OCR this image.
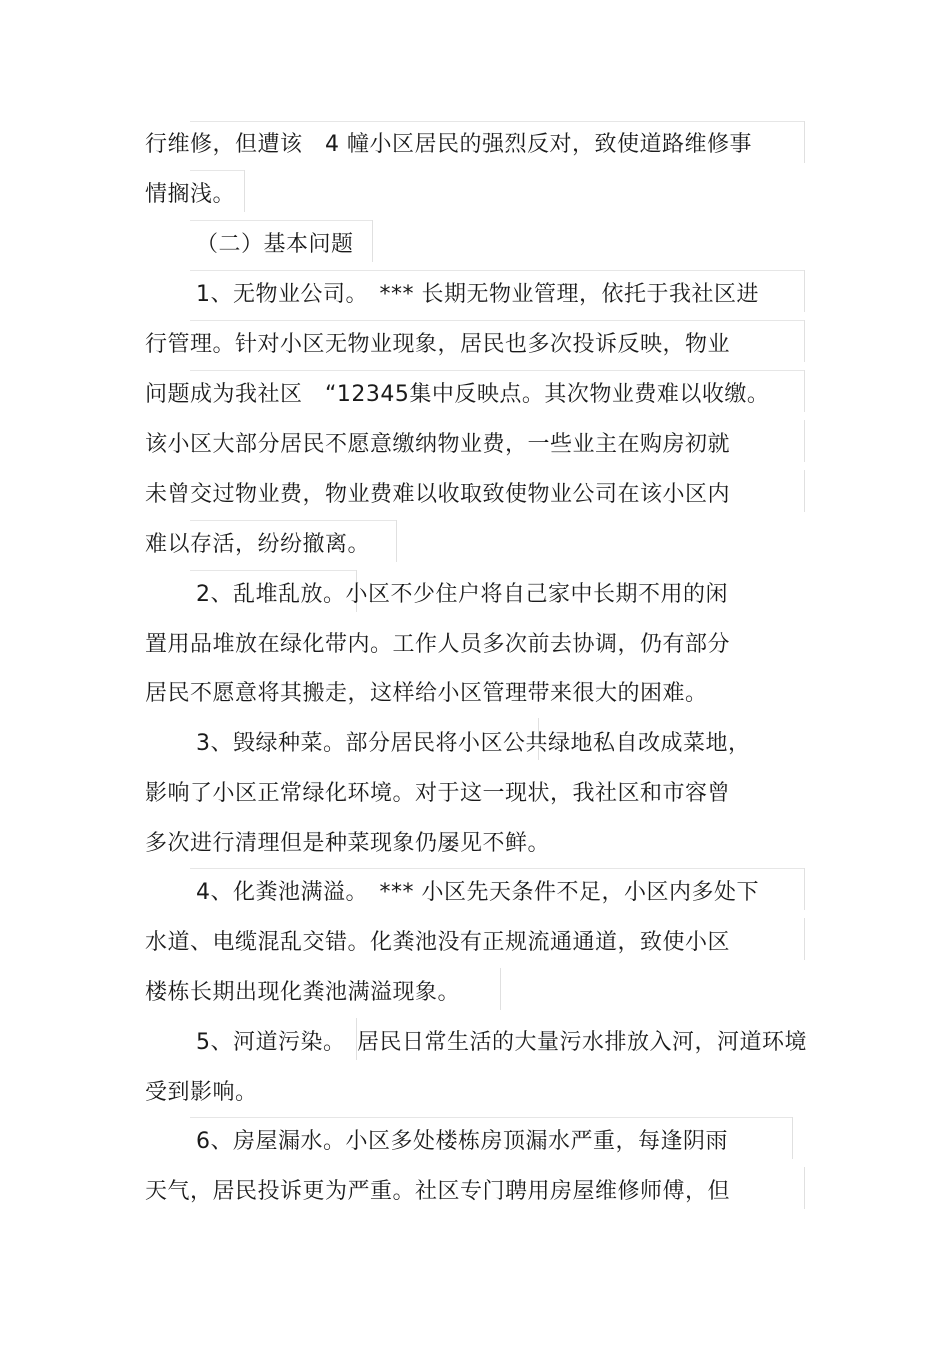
行维修，但遭该　4 幢小区居民的强烈反对，致使道路维修事
情搁浅。
（二）基本问题
1、无物业公司。　*** 长期无物业管理，依托于我社区进
行管理。针对小区无物业现象，居民也多次投诉反映，物业
问题成为我社区　“12345集中反映点。其次物业费难以收缴。
该小区大部分居民不愿意缴纳物业费，一些业主在购房初就
未曾交过物业费，物业费难以收取致使物业公司在该小区内
难以存活，纷纷撤离。
2、乱堆乱放。小区不少住户将自己家中长期不用的闲
置用品堆放在绿化带内。工作人员多次前去协调，仍有部分
居民不愿意将其搬走，这样给小区管理带来很大的困难。
3、毁绿种菜。部分居民将小区公共绿地私自改成菜地，
影响了小区正常绿化环境。对于这一现状，我社区和市容曾
多次进行清理但是种菜现象仍屡见不鲜。
4、化粪池满溢。　*** 小区先天条件不足，小区内多处下
水道、电缆混乱交错。化粪池没有正规流通通道，致使小区
楼栋长期出现化粪池满溢现象。
5、河道污染。　居民日常生活的大量污水排放入河，河道环境
受到影响。
6、房屋漏水。小区多处楼栋房顶漏水严重，每逢阴雨
天气，居民投诉更为严重。社区专门聘用房屋维修师傅，但
